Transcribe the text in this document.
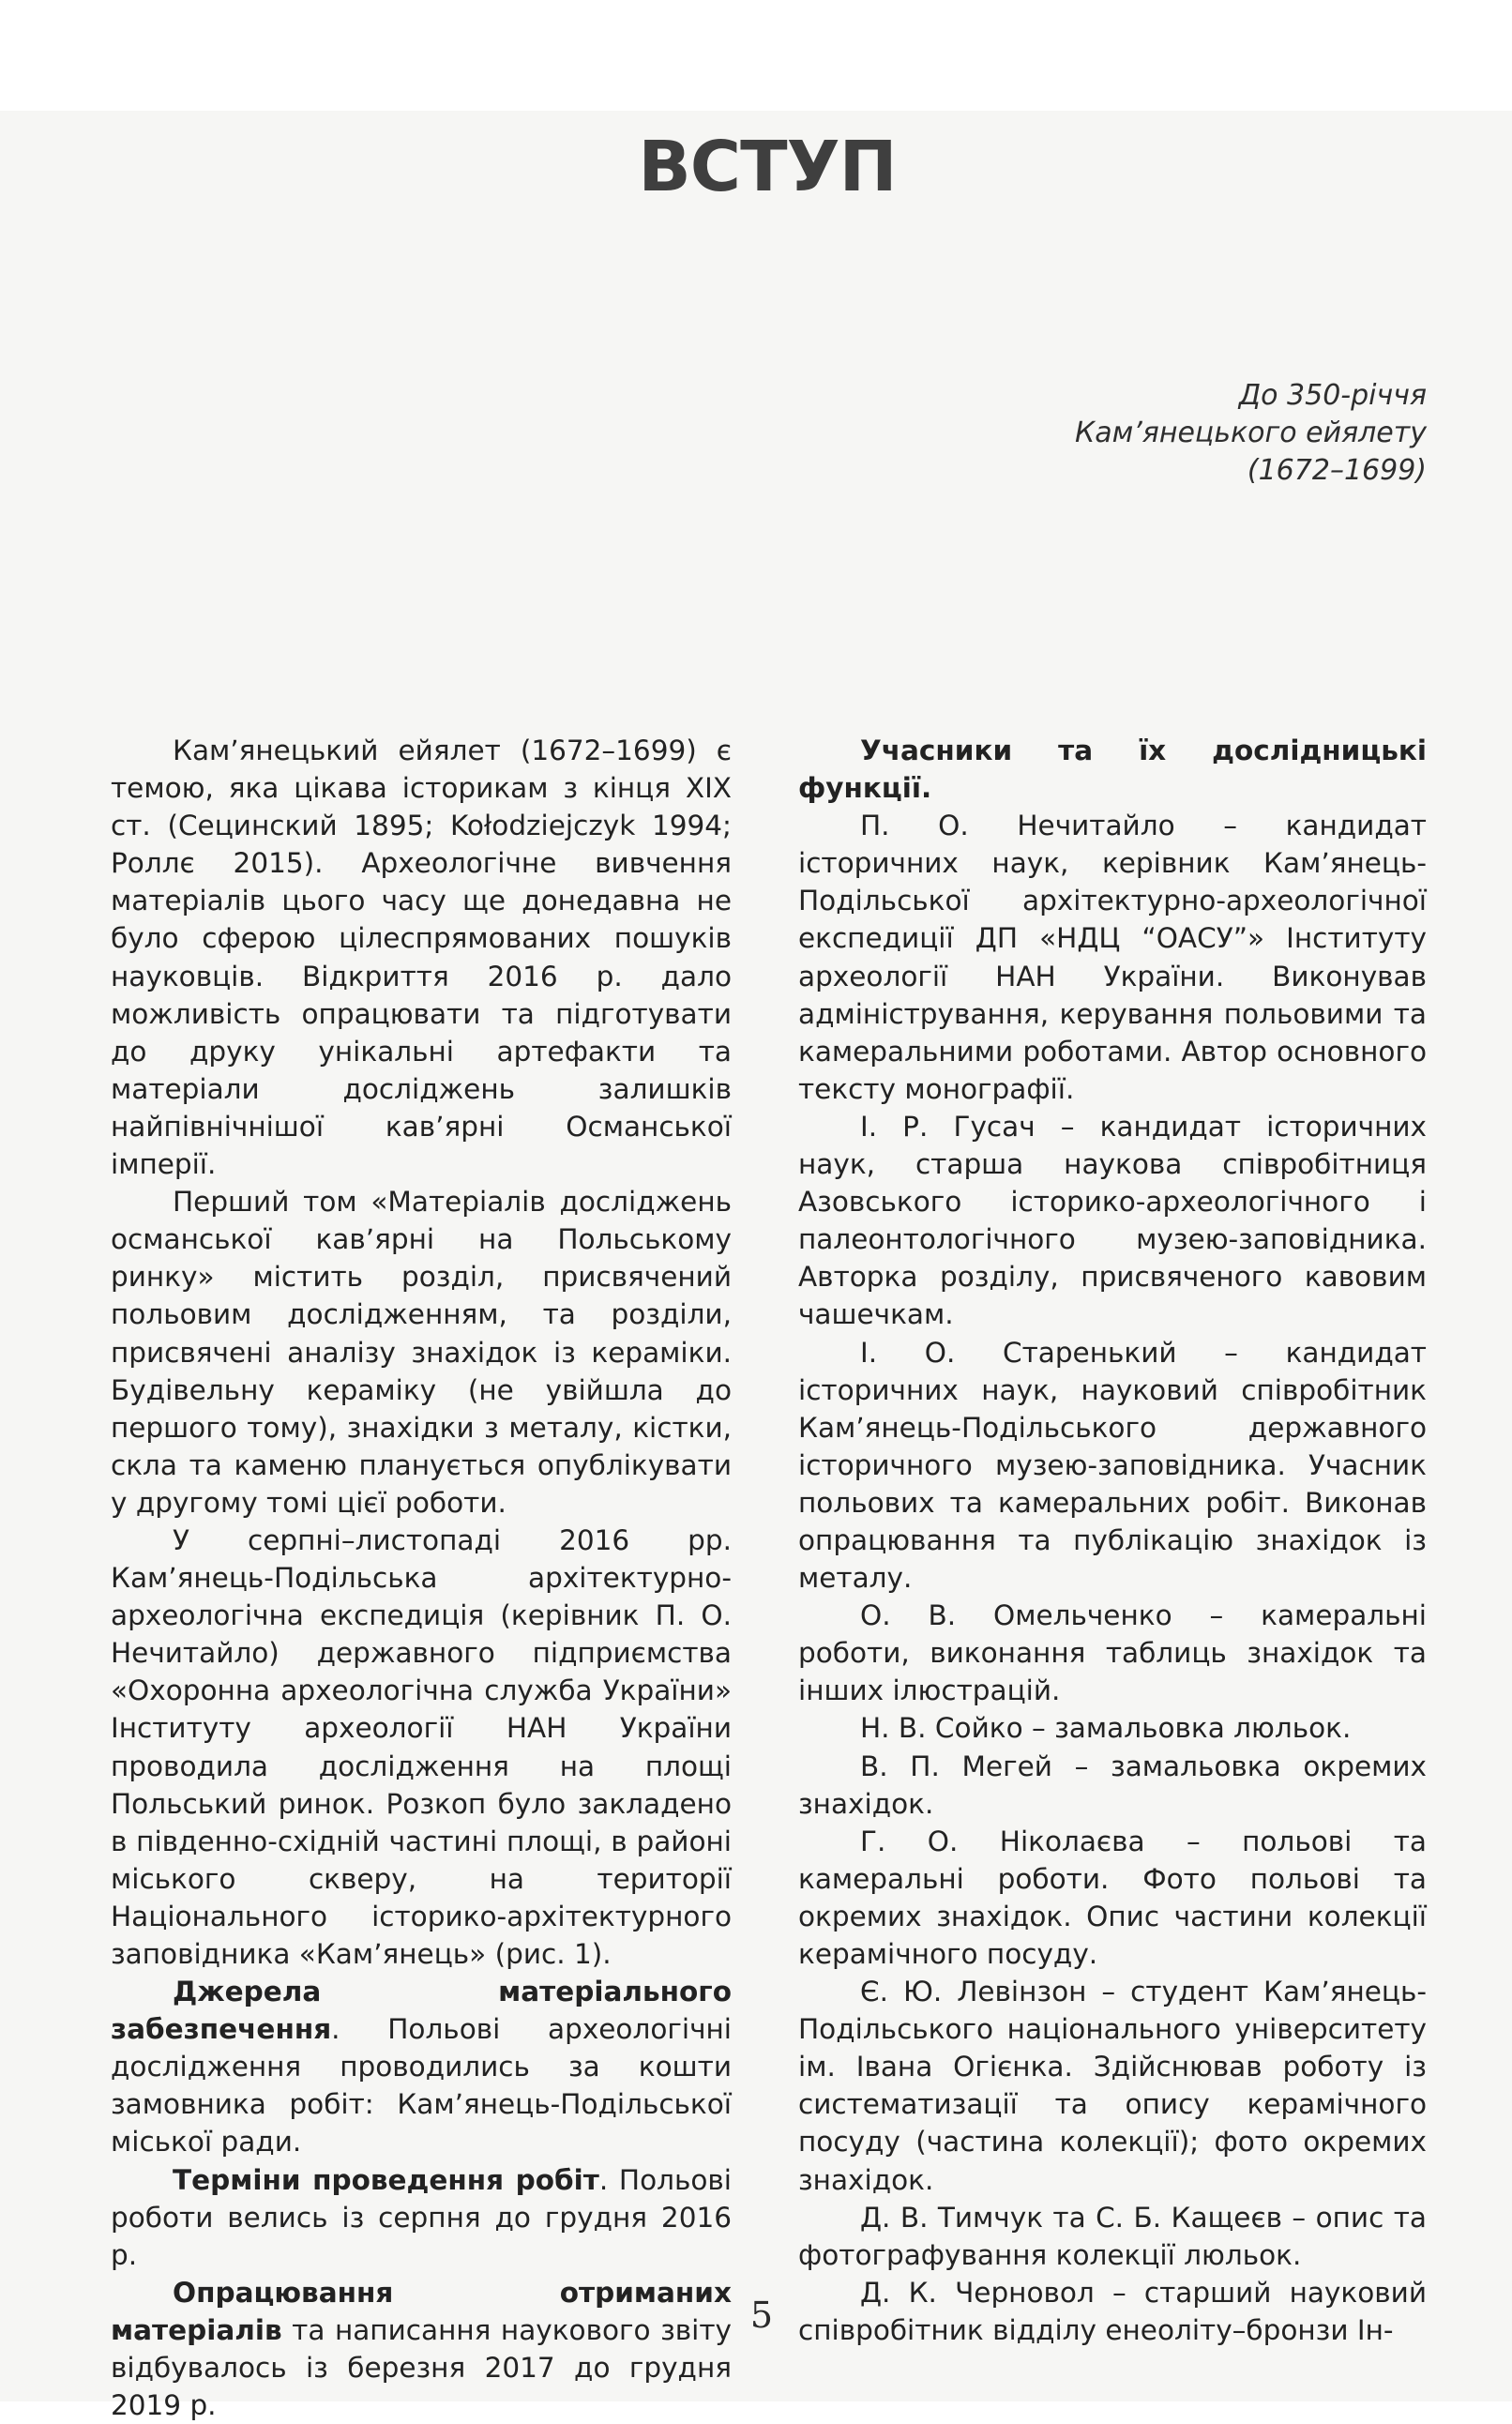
ВСТУП
До 350-річчя
Кам’янецького ейялету
(1672–1699)

Кам’янецький ейялет (1672–1699) є темою, яка цікава історикам з кінця XIX ст. (Сецинский 1895; Kołodziejczyk 1994; Роллє 2015). Археологічне вивчення матеріалів цього часу ще донедавна не було сферою цілеспрямованих пошуків науковців. Відкриття 2016 р. дало можливість опрацювати та підготувати до друку унікальні артефакти та матеріали досліджень залишків найпівнічнішої кав’ярні Османської імперії.

Перший том «Матеріалів досліджень османської кав’ярні на Польському ринку» містить розділ, присвячений польовим дослідженням, та розділи, присвячені аналізу знахідок із кераміки. Будівельну кераміку (не увійшла до першого тому), знахідки з металу, кістки, скла та каменю планується опублікувати у другому томі цієї роботи.

У серпні–листопаді 2016 рр. Кам’янець-Подільська архітектурно-археологічна експедиція (керівник П. О. Нечитайло) державного підприємства «Охоронна археологічна служба України» Інституту археології НАН України проводила дослідження на площі Польський ринок. Розкоп було закладено в південно-східній частині площі, в районі міського скверу, на території Національного історико-архітектурного заповідника «Кам’янець» (рис. 1).

Джерела матеріального забезпечення. Польові археологічні дослідження проводились за кошти замовника робіт: Кам’янець-Подільської міської ради.

Терміни проведення робіт. Польові роботи велись із серпня до грудня 2016 р.

Опрацювання отриманих матеріалів та написання наукового звіту відбувалось із березня 2017 до грудня 2019 р.

Учасники та їх дослідницькі функції.

П. О. Нечитайло – кандидат історичних наук, керівник Кам’янець-Подільської архітектурно-археологічної експедиції ДП «НДЦ “ОАСУ”» Інституту археології НАН України. Виконував адміністрування, керування польовими та камеральними роботами. Автор основного тексту монографії.

І. Р. Гусач – кандидат історичних наук, старша наукова співробітниця Азовського історико-археологічного і палеонтологічного музею-заповідника. Авторка розділу, присвяченого кавовим чашечкам.

І. О. Старенький – кандидат історичних наук, науковий співробітник Кам’янець-Подільського державного історичного музею-заповідника. Учасник польових та камеральних робіт. Виконав опрацювання та публікацію знахідок із металу.

О. В. Омельченко – камеральні роботи, виконання таблиць знахідок та інших ілюстрацій.

Н. В. Сойко – замальовка люльок.

В. П. Мегей – замальовка окремих знахідок.

Г. О. Ніколаєва – польові та камеральні роботи. Фото польові та окремих знахідок. Опис частини колекції керамічного посуду.

Є. Ю. Левінзон – студент Кам’янець-Подільського національного університету ім. Івана Огієнка. Здійснював роботу із систематизації та опису керамічного посуду (частина колекції); фото окремих знахідок.

Д. В. Тимчук та С. Б. Кащеєв – опис та фотографування колекції люльок.

Д. К. Черновол – старший науковий співробітник відділу енеоліту–бронзи Ін-

5
